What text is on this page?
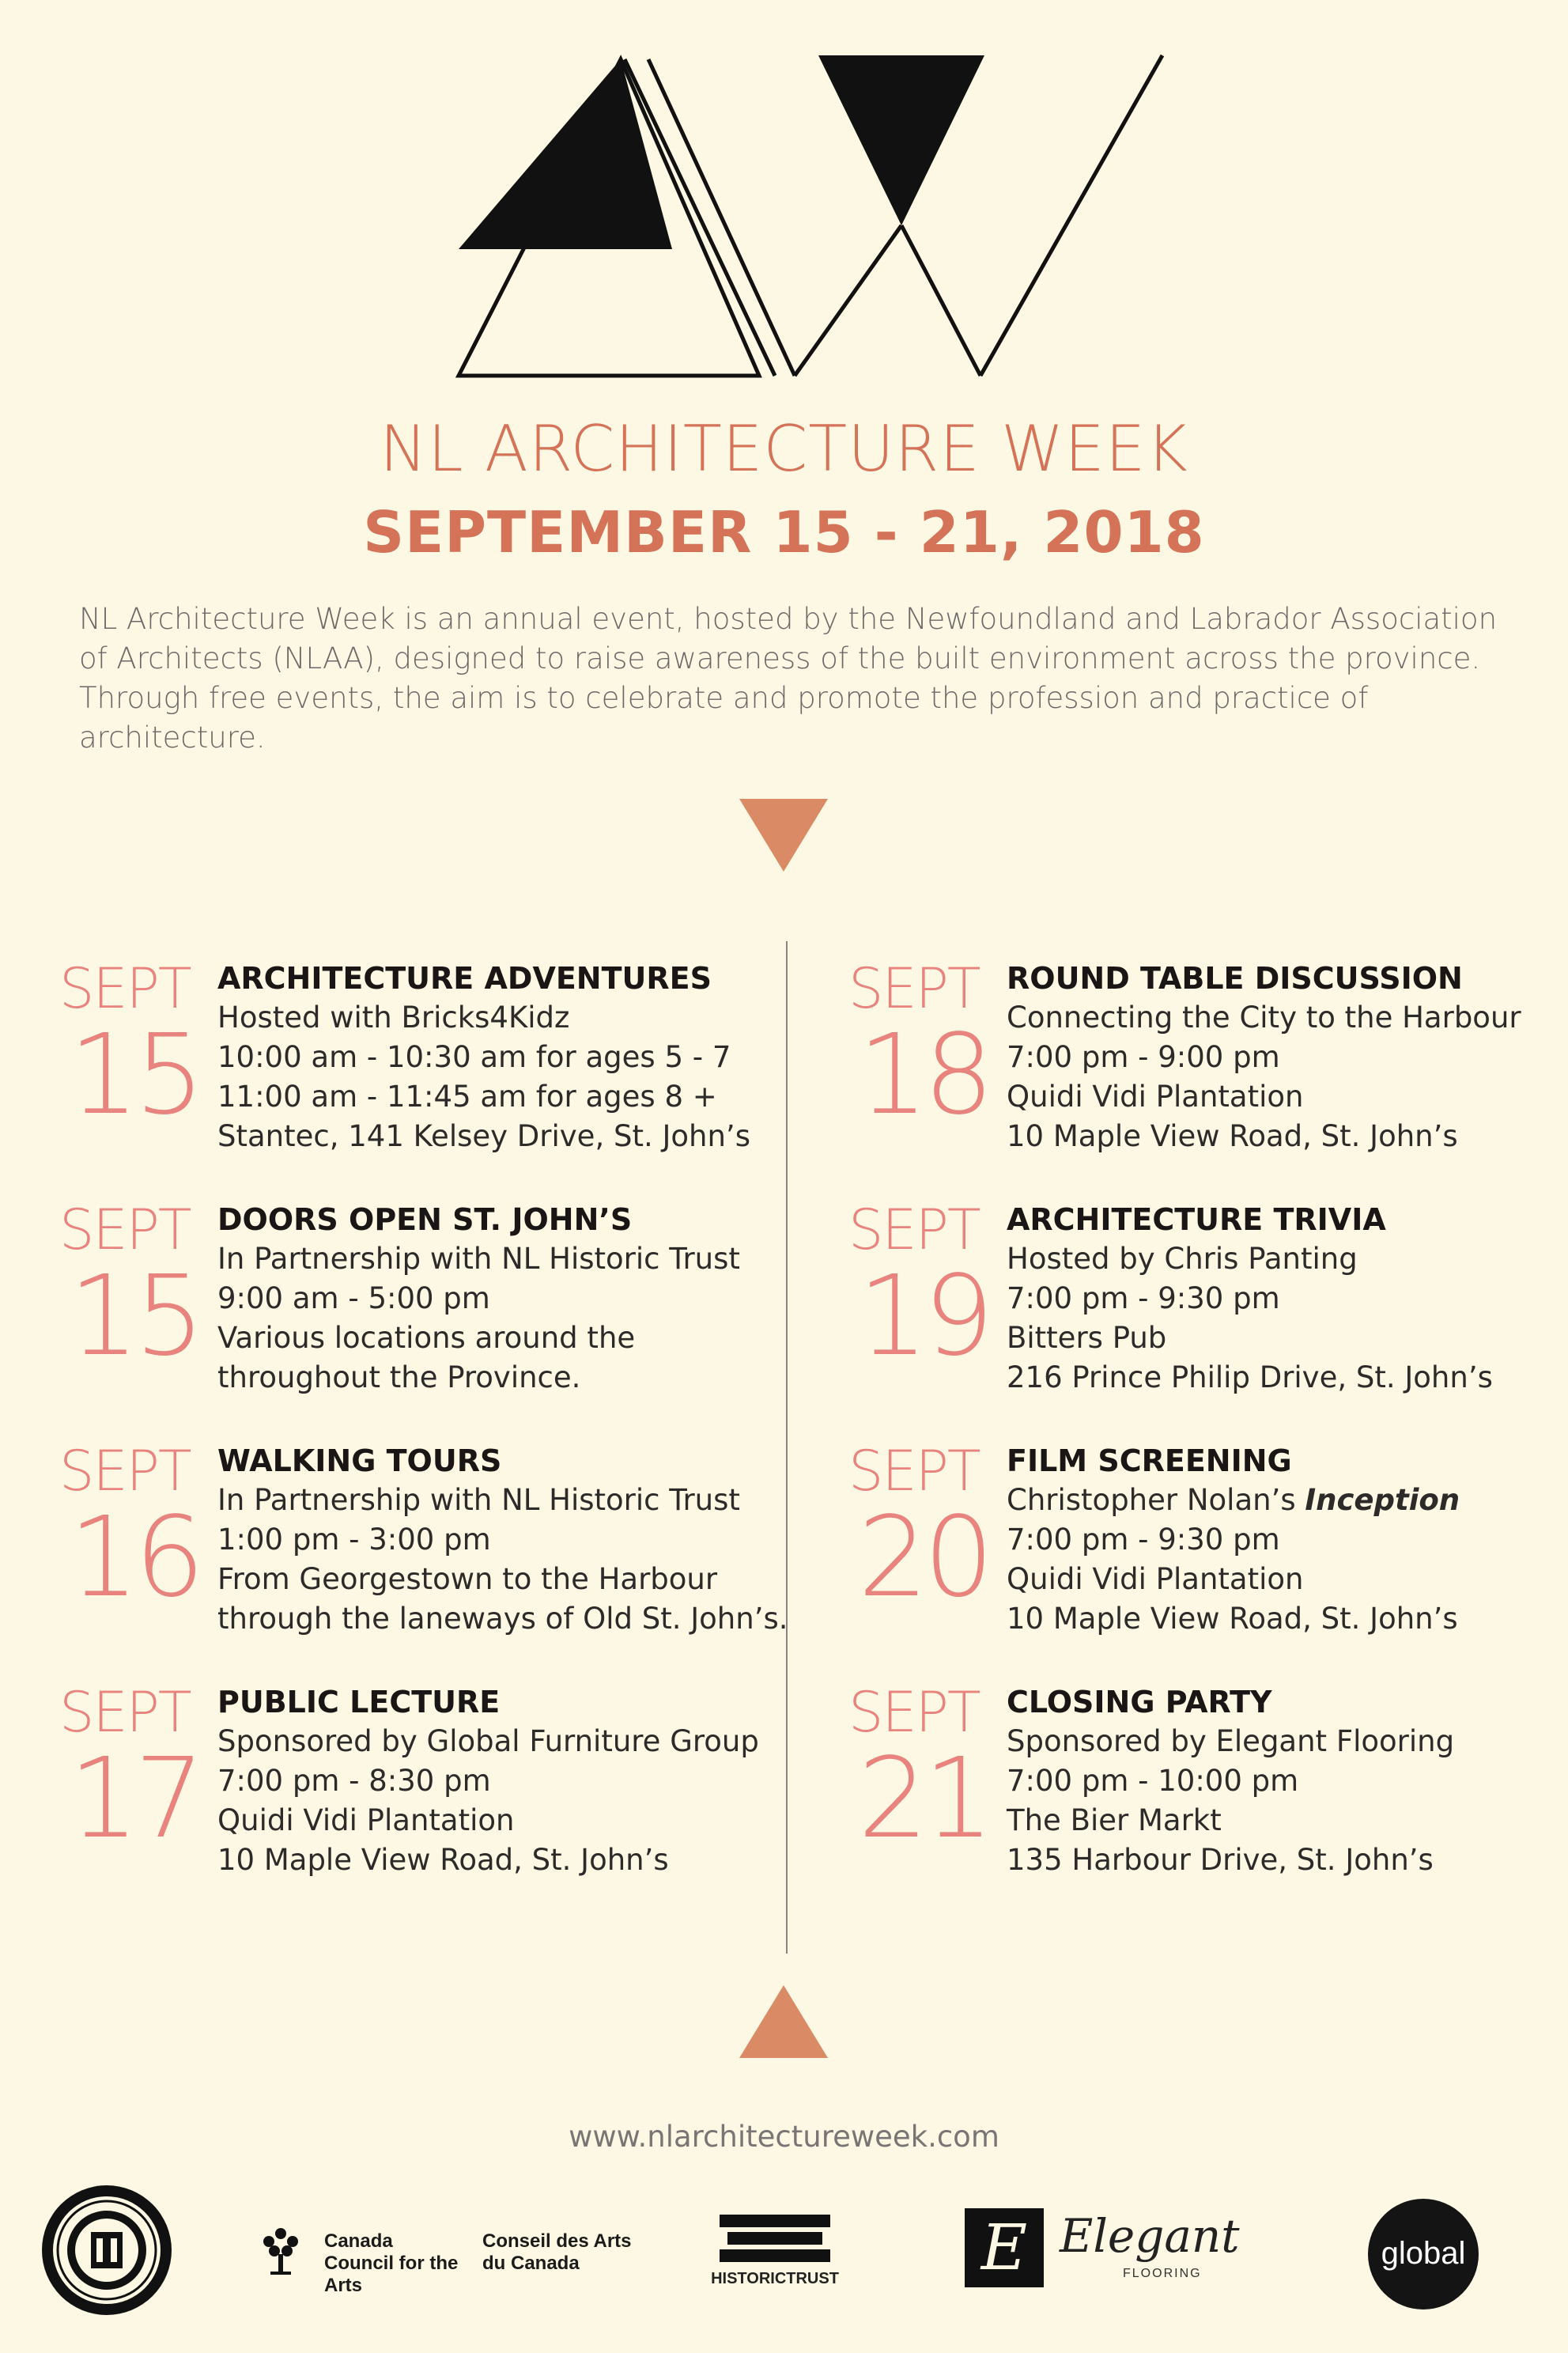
NL ARCHITECTURE WEEK
SEPTEMBER 15 - 21, 2018
NL Architecture Week is an annual event, hosted by the Newfoundland and Labrador Association of Architects (NLAA), designed to raise awareness of the built environment across the province. Through free events, the aim is to celebrate and promote the profession and practice of architecture.
SEPT
15
ARCHITECTURE ADVENTURES
Hosted with Bricks4Kidz
10:00 am - 10:30 am for ages 5 - 7
11:00 am - 11:45 am for ages 8 +
Stantec, 141 Kelsey Drive, St. John’s
SEPT
15
DOORS OPEN ST. JOHN’S
In Partnership with NL Historic Trust
9:00 am - 5:00 pm
Various locations around the
throughout the Province.
SEPT
16
WALKING TOURS
In Partnership with NL Historic Trust
1:00 pm - 3:00 pm
From Georgestown to the Harbour
through the laneways of Old St. John’s.
SEPT
17
PUBLIC LECTURE
Sponsored by Global Furniture Group
7:00 pm - 8:30 pm
Quidi Vidi Plantation
10 Maple View Road, St. John’s
SEPT
18
ROUND TABLE DISCUSSION
Connecting the City to the Harbour
7:00 pm - 9:00 pm
Quidi Vidi Plantation
10 Maple View Road, St. John’s
SEPT
19
ARCHITECTURE TRIVIA
Hosted by Chris Panting
7:00 pm - 9:30 pm
Bitters Pub
216 Prince Philip Drive, St. John’s
SEPT
20
FILM SCREENING
Christopher Nolan’s Inception
7:00 pm - 9:30 pm
Quidi Vidi Plantation
10 Maple View Road, St. John’s
SEPT
21
CLOSING PARTY
Sponsored by Elegant Flooring
7:00 pm - 10:00 pm
The Bier Markt
135 Harbour Drive, St. John’s
www.nlarchitectureweek.com
Canada Council for the Arts
Conseil des Arts du Canada
HISTORICTRUST E Elegant
FLOORING
global
